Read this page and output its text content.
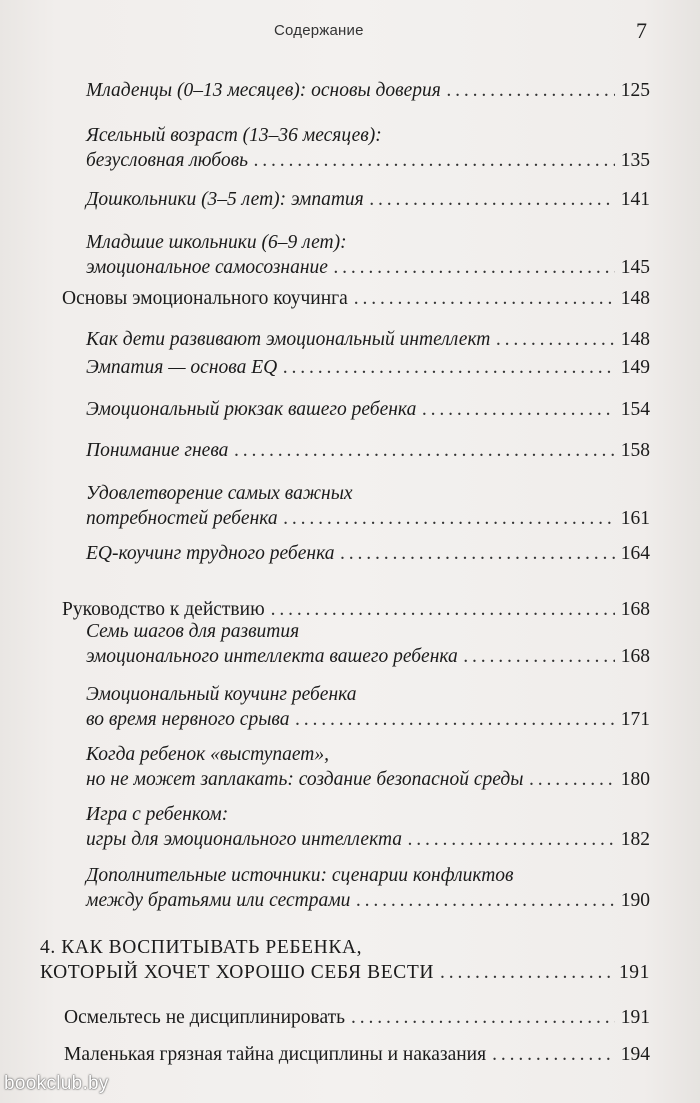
Содержание	7
Младенцы (0–13 месяцев): основы доверия . . .	125
Ясельный возраст (13–36 месяцев):
безусловная любовь . . .	135
Дошкольники (3–5 лет): эмпатия . . .	141
Младшие школьники (6–9 лет):
эмоциональное самосознание . . .	145
Основы эмоционального коучинга . . .	148
Как дети развивают эмоциональный интеллект . . .	148
Эмпатия — основа EQ . . .	149
Эмоциональный рюкзак вашего ребенка . . .	154
Понимание гнева . . .	158
Удовлетворение самых важных
потребностей ребенка . . .	161
EQ-коучинг трудного ребенка . . .	164
Руководство к действию . . .	168
Семь шагов для развития
эмоционального интеллекта вашего ребенка . . .	168
Эмоциональный коучинг ребенка
во время нервного срыва . . .	171
Когда ребенок «выступает»,
но не может заплакать: создание безопасной среды . . .	180
Игра с ребенком:
игры для эмоционального интеллекта . . .	182
Дополнительные источники: сценарии конфликтов
между братьями или сестрами . . .	190
4. КАК ВОСПИТЫВАТЬ РЕБЕНКА,
КОТОРЫЙ ХОЧЕТ ХОРОШО СЕБЯ ВЕСТИ . . .	191
Осмельтесь не дисциплинировать . . .	191
Маленькая грязная тайна дисциплины и наказания . . .	194
bookclub.by
